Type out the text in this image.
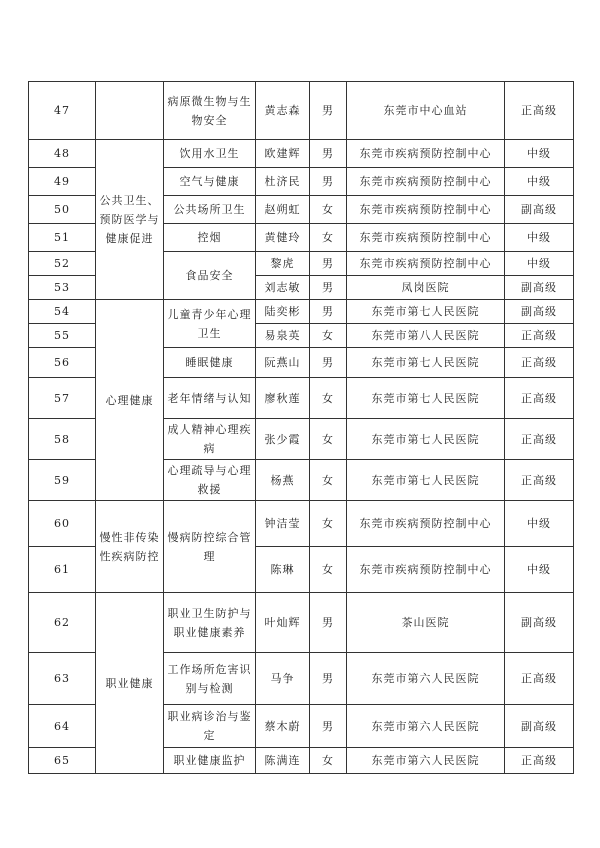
47		病原微生物与生物安全	黄志森	男	东莞市中心血站	正高级
48	公共卫生、预防医学与健康促进	饮用水卫生	欧建辉	男	东莞市疾病预防控制中心	中级
49		空气与健康	杜济民	男	东莞市疾病预防控制中心	中级
50		公共场所卫生	赵朔虹	女	东莞市疾病预防控制中心	副高级
51		控烟	黄健玲	女	东莞市疾病预防控制中心	中级
52		食品安全	黎虎	男	东莞市疾病预防控制中心	中级
53			刘志敏	男	凤岗医院	副高级
54	心理健康	儿童青少年心理卫生	陆奕彬	男	东莞市第七人民医院	副高级
55			易泉英	女	东莞市第八人民医院	正高级
56		睡眠健康	阮燕山	男	东莞市第七人民医院	正高级
57		老年情绪与认知	廖秋莲	女	东莞市第七人民医院	正高级
58		成人精神心理疾病	张少霞	女	东莞市第七人民医院	正高级
59		心理疏导与心理救援	杨燕	女	东莞市第七人民医院	正高级
60	慢性非传染性疾病防控	慢病防控综合管理	钟洁莹	女	东莞市疾病预防控制中心	中级
61			陈琳	女	东莞市疾病预防控制中心	中级
62	职业健康	职业卫生防护与职业健康素养	叶灿辉	男	茶山医院	副高级
63		工作场所危害识别与检测	马争	男	东莞市第六人民医院	正高级
64		职业病诊治与鉴定	蔡木蔚	男	东莞市第六人民医院	副高级
65		职业健康监护	陈满连	女	东莞市第六人民医院	正高级
